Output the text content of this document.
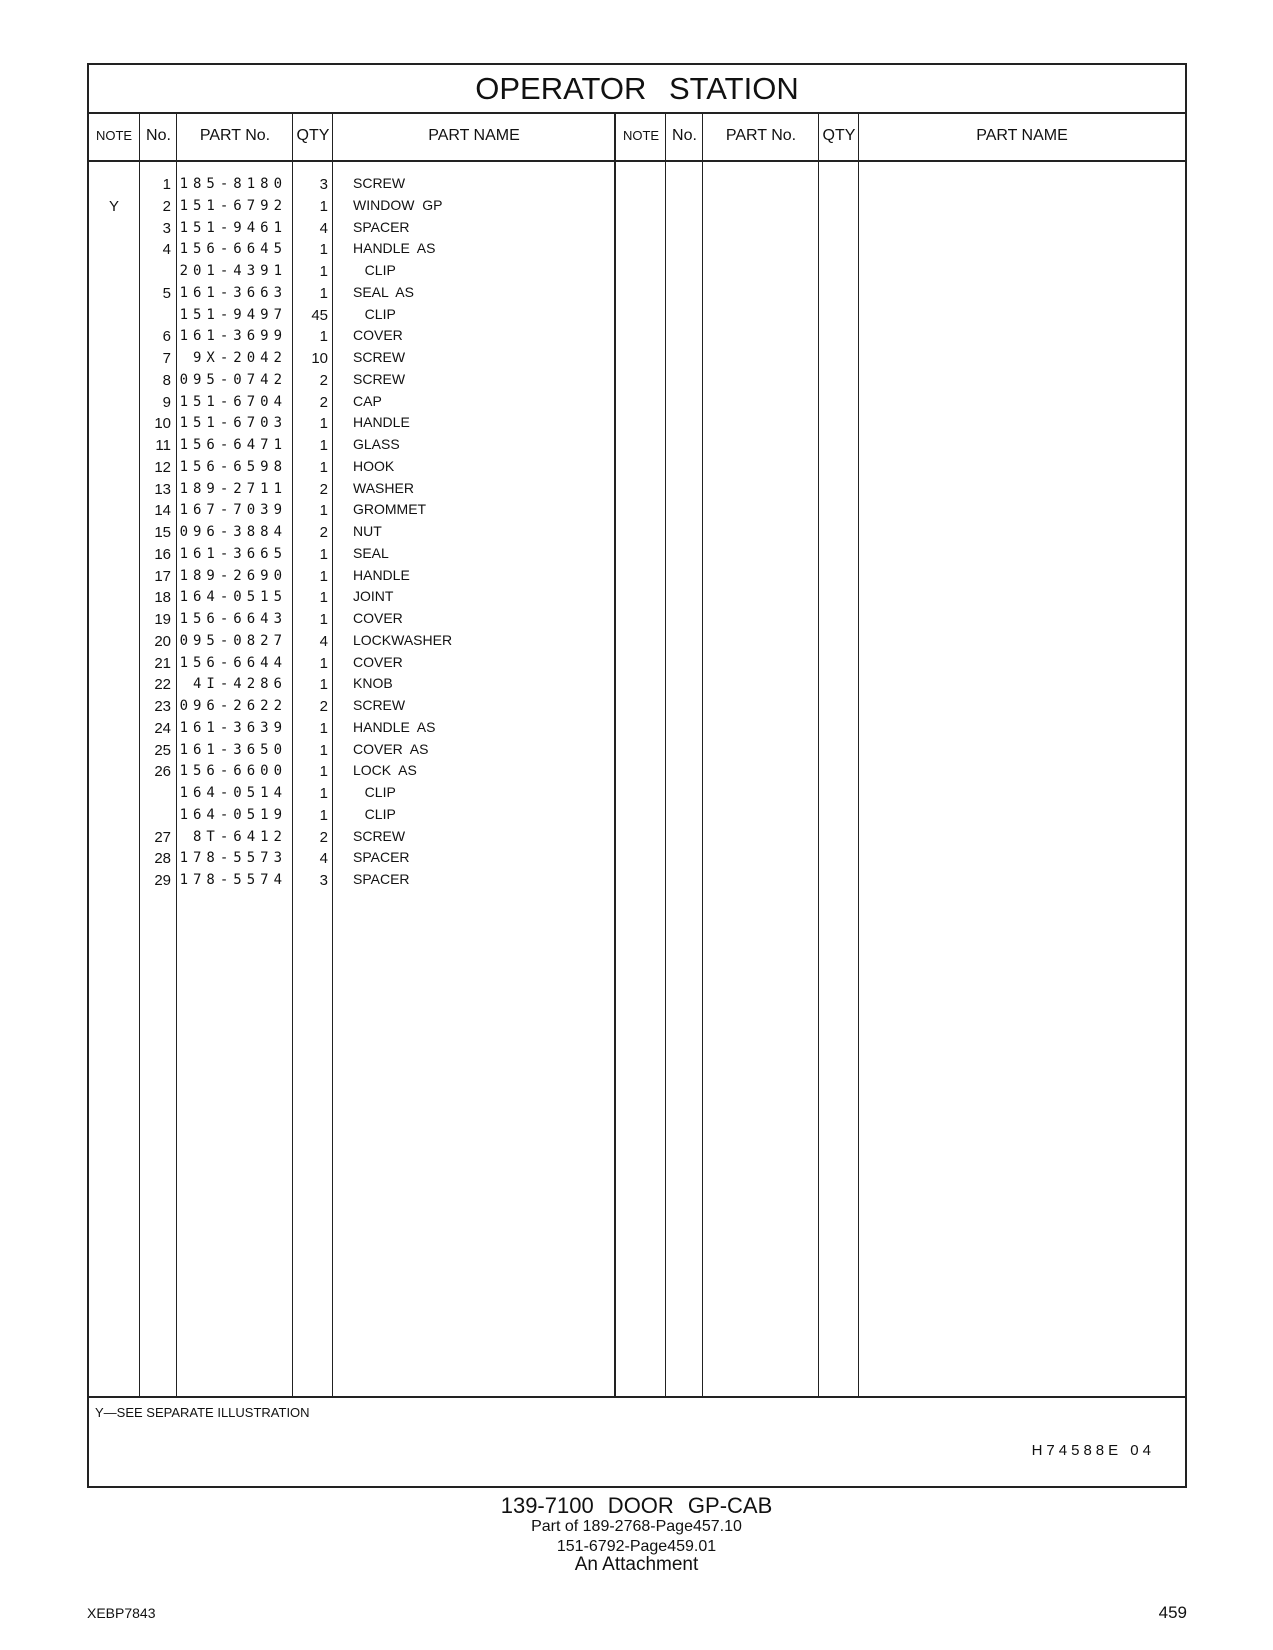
OPERATOR STATION
NOTE No.	PART No.	QTY	PART NAME	NOTE No.	PART No.	QTY	PART NAME
1 185-8180	3 SCREW
Y	2 151-6792	1 WINDOW  GP
3 151-9461	4 SPACER
4 156-6645	1 HANDLE  AS
201-4391	1 CLIP
5 161-3663	1 SEAL  AS
151-9497	45 CLIP
6 161-3699	1 COVER
7	9X-2042	10 SCREW
8 095-0742	2 SCREW
9 151-6704	2 CAP
10 151-6703	1 HANDLE
11 156-6471	1 GLASS
12 156-6598	1 HOOK
13 189-2711	2 WASHER
14 167-7039	1 GROMMET
15 096-3884	2 NUT
16 161-3665	1 SEAL
17 189-2690	1 HANDLE
18 164-0515	1 JOINT
19 156-6643	1 COVER
20 095-0827	4 LOCKWASHER
21 156-6644	1 COVER
22	4I-4286	1 KNOB
23 096-2622	2 SCREW
24 161-3639	1 HANDLE  AS
25 161-3650	1 COVER  AS
26 156-6600	1 LOCK  AS
164-0514	1 CLIP
164-0519	1 CLIP
27	8T-6412	2 SCREW
28 178-5573	4 SPACER
29 178-5574	3 SPACER
Y—SEE SEPARATE ILLUSTRATION
H74588E 04
139-7100 DOOR GP-CAB
Part of 189-2768-Page457.10
151-6792-Page459.01
An Attachment
XEBP7843	459
